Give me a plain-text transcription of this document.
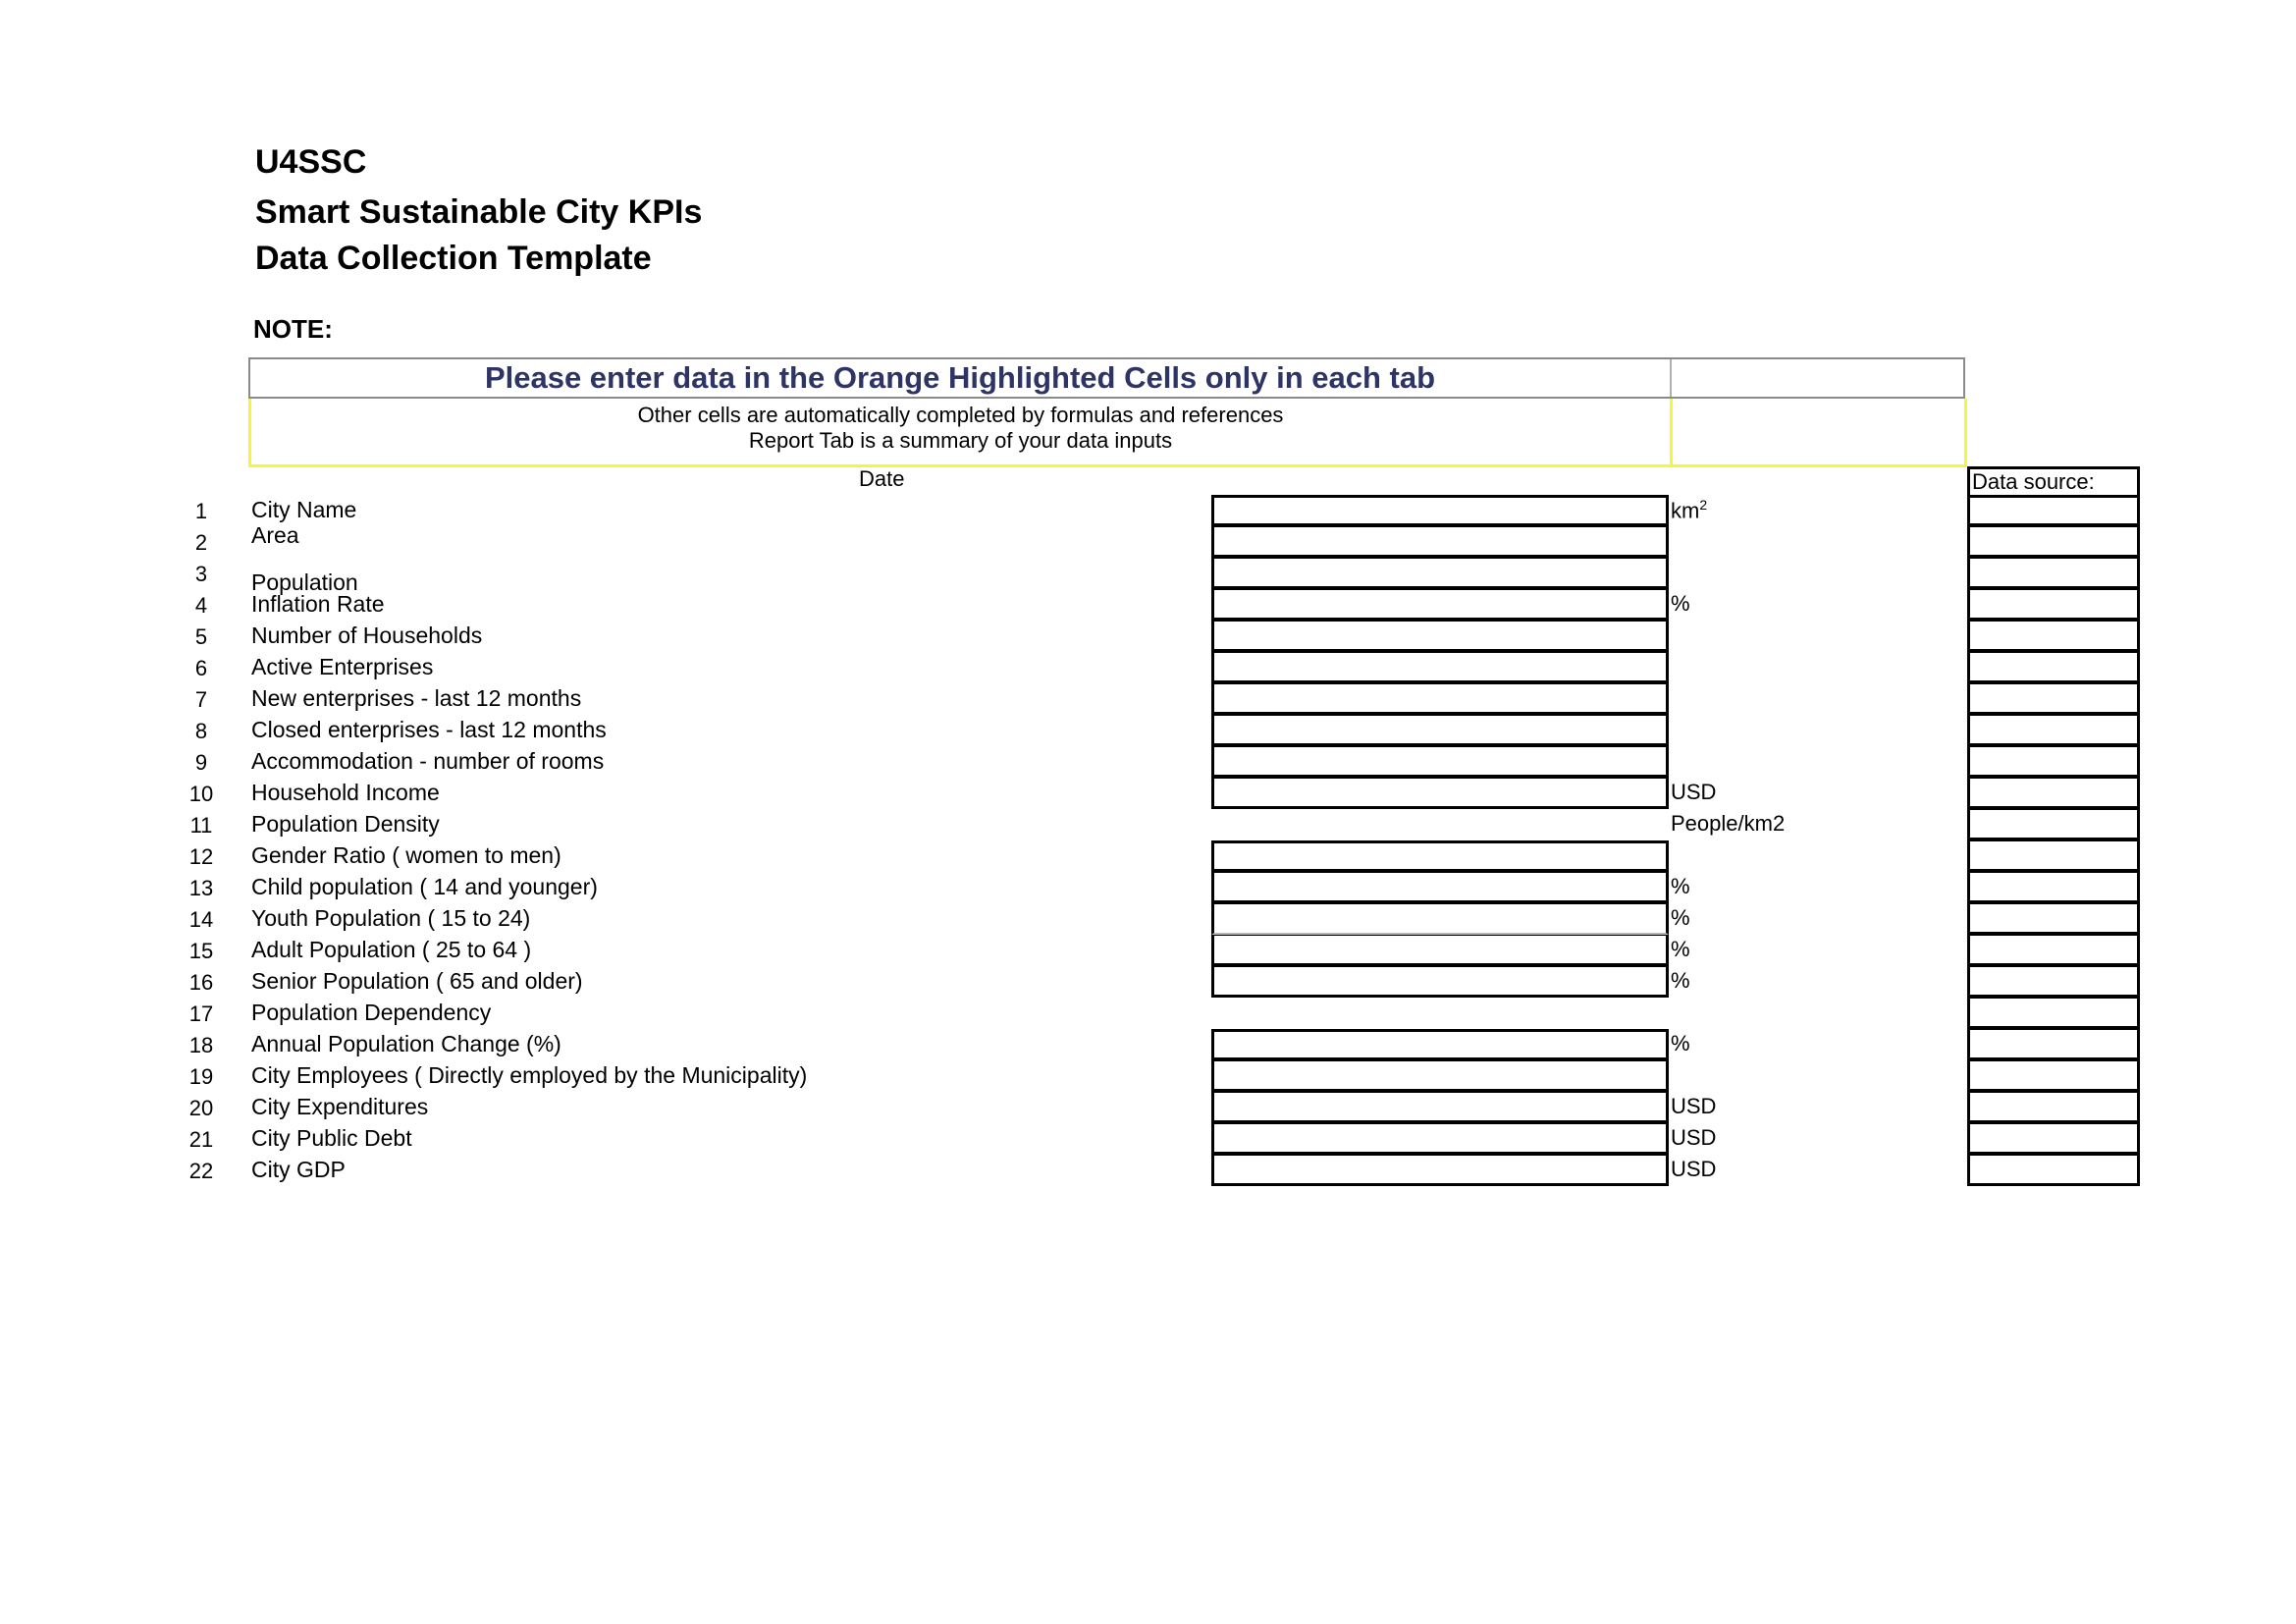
U4SSC
Smart Sustainable City KPIs
Data Collection Template
NOTE:
Please enter data in the Orange Highlighted Cells only in each tab
Other cells are automatically completed by formulas and references
Report Tab is a summary of your data inputs
Date	Data source:
1	City Name	$km^2$
2	Area
3	Population
4	Inflation Rate	%
5	Number of Households
6	Active Enterprises
7	New enterprises - last 12 months
8	Closed enterprises - last 12 months
9	Accommodation - number of rooms
10	Household Income	USD
11	Population Density	People/km2
12	Gender Ratio ( women to men)
13	Child population ( 14 and younger)	%
14	Youth Population ( 15 to 24)	%
15	Adult Population ( 25 to 64 )	%
16	Senior Population ( 65 and older)	%
17	Population Dependency
18	Annual Population Change (%)	%
19	City Employees ( Directly employed by the Municipality)
20	City Expenditures	USD
21	City Public Debt	USD
22	City GDP	USD
